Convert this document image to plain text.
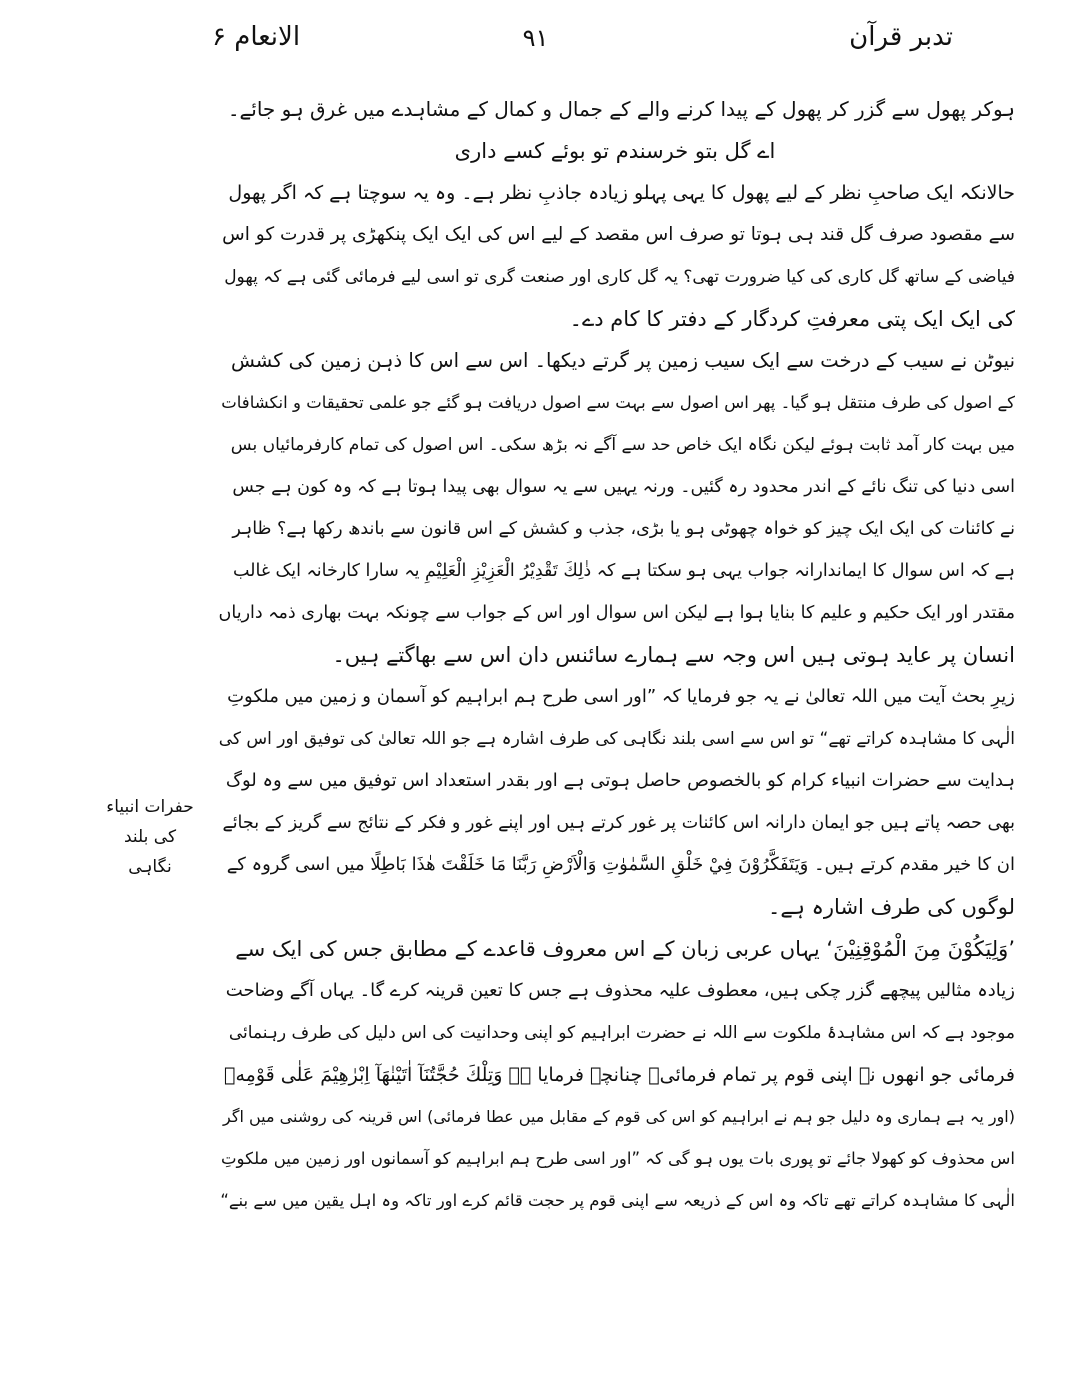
تدبر قرآن
۹۱
الانعام ۶
حفرات انبیاء
کی بلند نگاہی
ہوکر پھول سے گزر کر پھول کے پیدا کرنے والے کے جمال و کمال کے مشاہدے میں غرق ہو جائے۔
اے گل بتو خرسندم تو بوئے کسے داری
حالانکہ ایک صاحبِ نظر کے لیے پھول کا یہی پہلو زیادہ جاذبِ نظر ہے۔ وہ یہ سوچتا ہے کہ اگر پھول
سے مقصود صرف گل قند ہی ہوتا تو صرف اس مقصد کے لیے اس کی ایک ایک پنکھڑی پر قدرت کو اس
فیاضی کے ساتھ گل کاری کی کیا ضرورت تھی؟ یہ گل کاری اور صنعت گری تو اسی لیے فرمائی گئی ہے کہ پھول
کی ایک ایک پتی معرفتِ کردگار کے دفتر کا کام دے۔
نیوٹن نے سیب کے درخت سے ایک سیب زمین پر گرتے دیکھا۔ اس سے اس کا ذہن زمین کی کشش
کے اصول کی طرف منتقل ہو گیا۔ پھر اس اصول سے بہت سے اصول دریافت ہو گئے جو علمی تحقیقات و انکشافات
میں بہت کار آمد ثابت ہوئے لیکن نگاہ ایک خاص حد سے آگے نہ بڑھ سکی۔ اس اصول کی تمام کارفرمائیاں بس
اسی دنیا کی تنگ نائے کے اندر محدود رہ گئیں۔ ورنہ یہیں سے یہ سوال بھی پیدا ہوتا ہے کہ وہ کون ہے جس
نے کائنات کی ایک ایک چیز کو خواہ چھوٹی ہو یا بڑی، جذب و کشش کے اس قانون سے باندھ رکھا ہے؟ ظاہر
ہے کہ اس سوال کا ایماندارانہ جواب یہی ہو سکتا ہے کہ ذٰلِكَ تَقْدِيْرُ الْعَزِيْزِ الْعَلِيْمِ یہ سارا کارخانہ ایک غالب
مقتدر اور ایک حکیم و علیم کا بنایا ہوا ہے لیکن اس سوال اور اس کے جواب سے چونکہ بہت بھاری ذمہ داریاں
انسان پر عاید ہوتی ہیں اس وجہ سے ہمارے سائنس دان اس سے بھاگتے ہیں۔
زیرِ بحث آیت میں اللہ تعالیٰ نے یہ جو فرمایا کہ ”اور اسی طرح ہم ابراہیم کو آسمان و زمین میں ملکوتِ
الٰہی کا مشاہدہ کراتے تھے“ تو اس سے اسی بلند نگاہی کی طرف اشارہ ہے جو اللہ تعالیٰ کی توفیق اور اس کی
ہدایت سے حضرات انبیاء کرام کو بالخصوص حاصل ہوتی ہے اور بقدر استعداد اس توفیق میں سے وہ لوگ
بھی حصہ پاتے ہیں جو ایمان دارانہ اس کائنات پر غور کرتے ہیں اور اپنے غور و فکر کے نتائج سے گریز کے بجائے
ان کا خیر مقدم کرتے ہیں۔ وَيَتَفَكَّرُوْنَ فِيْ خَلْقِ السَّمٰوٰتِ وَالْاَرْضِ رَبَّنَا مَا خَلَقْتَ هٰذَا بَاطِلًا میں اسی گروہ کے
لوگوں کی طرف اشارہ ہے۔
’وَلِيَكُوْنَ مِنَ الْمُوْقِنِيْنَ‘ یہاں عربی زبان کے اس معروف قاعدے کے مطابق جس کی ایک سے
زیادہ مثالیں پیچھے گزر چکی ہیں، معطوف علیہ محذوف ہے جس کا تعین قرینہ کرے گا۔ یہاں آگے وضاحت
موجود ہے کہ اس مشاہدۂ ملکوت سے اللہ نے حضرت ابراہیم کو اپنی وحدانیت کی اس دلیل کی طرف رہنمائی
فرمائی جو انھوں نے اپنی قوم پر تمام فرمائی۔ چنانچہ فرمایا ہے وَتِلْكَ حُجَّتُنَآ اٰتَيْنٰهَآ اِبْرٰهِيْمَ عَلٰى قَوْمِهٖ
(اور یہ ہے ہماری وہ دلیل جو ہم نے ابراہیم کو اس کی قوم کے مقابل میں عطا فرمائی) اس قرینہ کی روشنی میں اگر
اس محذوف کو کھولا جائے تو پوری بات یوں ہو گی کہ ”اور اسی طرح ہم ابراہیم کو آسمانوں اور زمین میں ملکوتِ
الٰہی کا مشاہدہ کراتے تھے تاکہ وہ اس کے ذریعہ سے اپنی قوم پر حجت قائم کرے اور تاکہ وہ اہل یقین میں سے بنے“
